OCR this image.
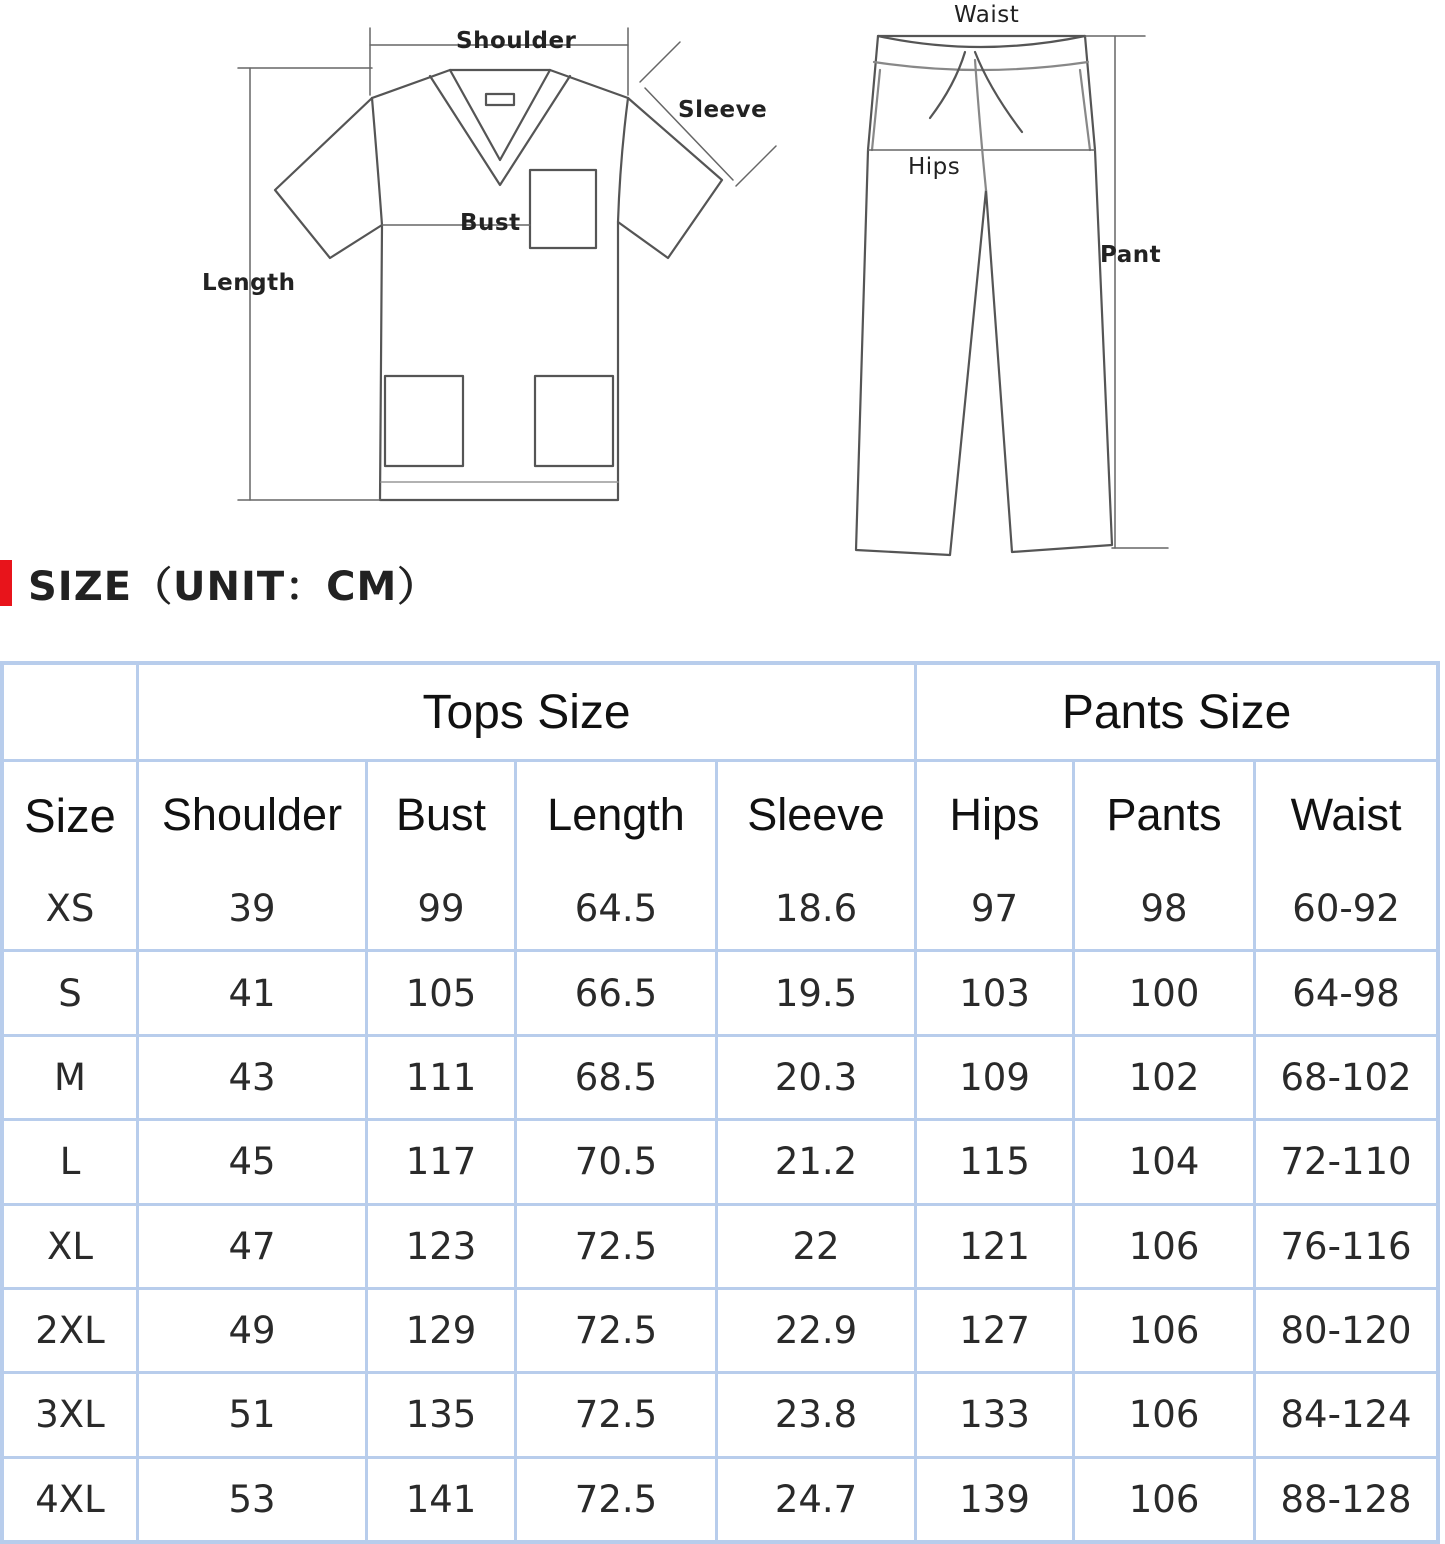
Shoulder
Sleeve
Bust
Length
Waist
Hips
Pant
SIZE（UNIT：CM）
	Tops Size				Pants Size		
Size	Shoulder	Bust	Length	Sleeve	Hips	Pants	Waist
XS	39	99	64.5	18.6	97	98	60-92
S	41	105	66.5	19.5	103	100	64-98
M	43	111	68.5	20.3	109	102	68-102
L	45	117	70.5	21.2	115	104	72-110
XL	47	123	72.5	22	121	106	76-116
2XL	49	129	72.5	22.9	127	106	80-120
3XL	51	135	72.5	23.8	133	106	84-124
4XL	53	141	72.5	24.7	139	106	88-128
